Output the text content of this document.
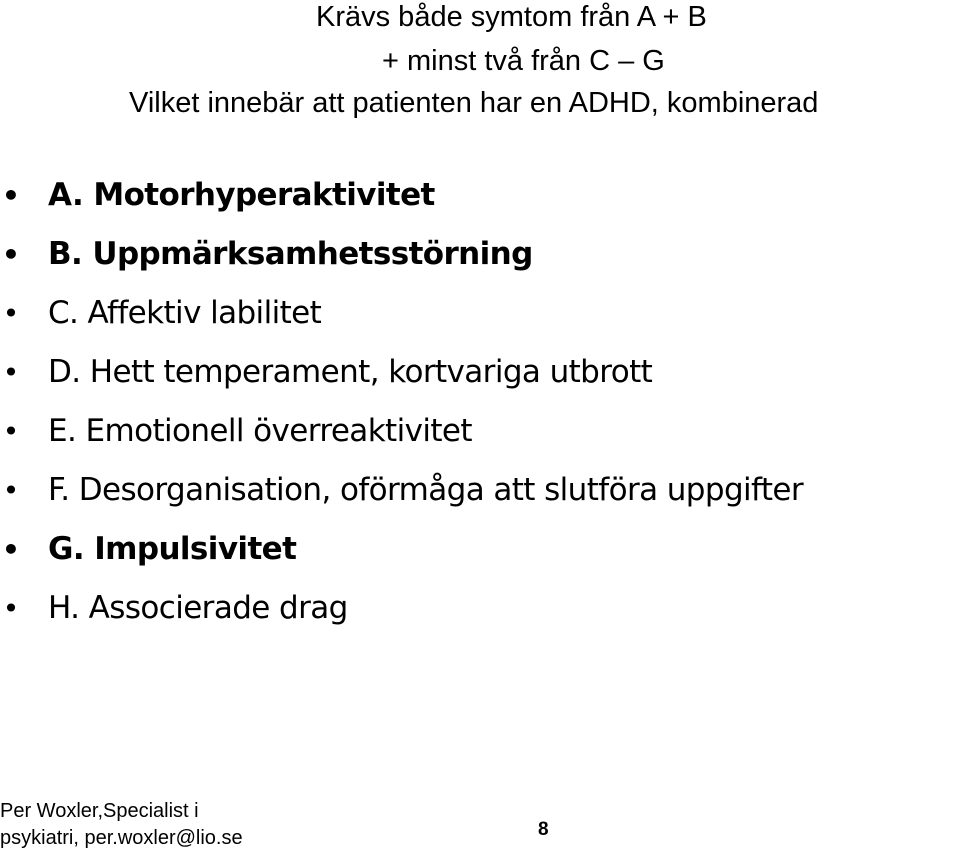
Krävs både symtom från A + B
+ minst två från C – G
Vilket innebär att patienten har en ADHD, kombinerad
• A. Motorhyperaktivitet
• B. Uppmärksamhetsstörning
• C. Affektiv labilitet
• D. Hett temperament, kortvariga utbrott
• E. Emotionell överreaktivitet
• F. Desorganisation, oförmåga att slutföra uppgifter
• G. Impulsivitet
• H. Associerade drag
Per Woxler,Specialist i
psykiatri, per.woxler@lio.se	8
